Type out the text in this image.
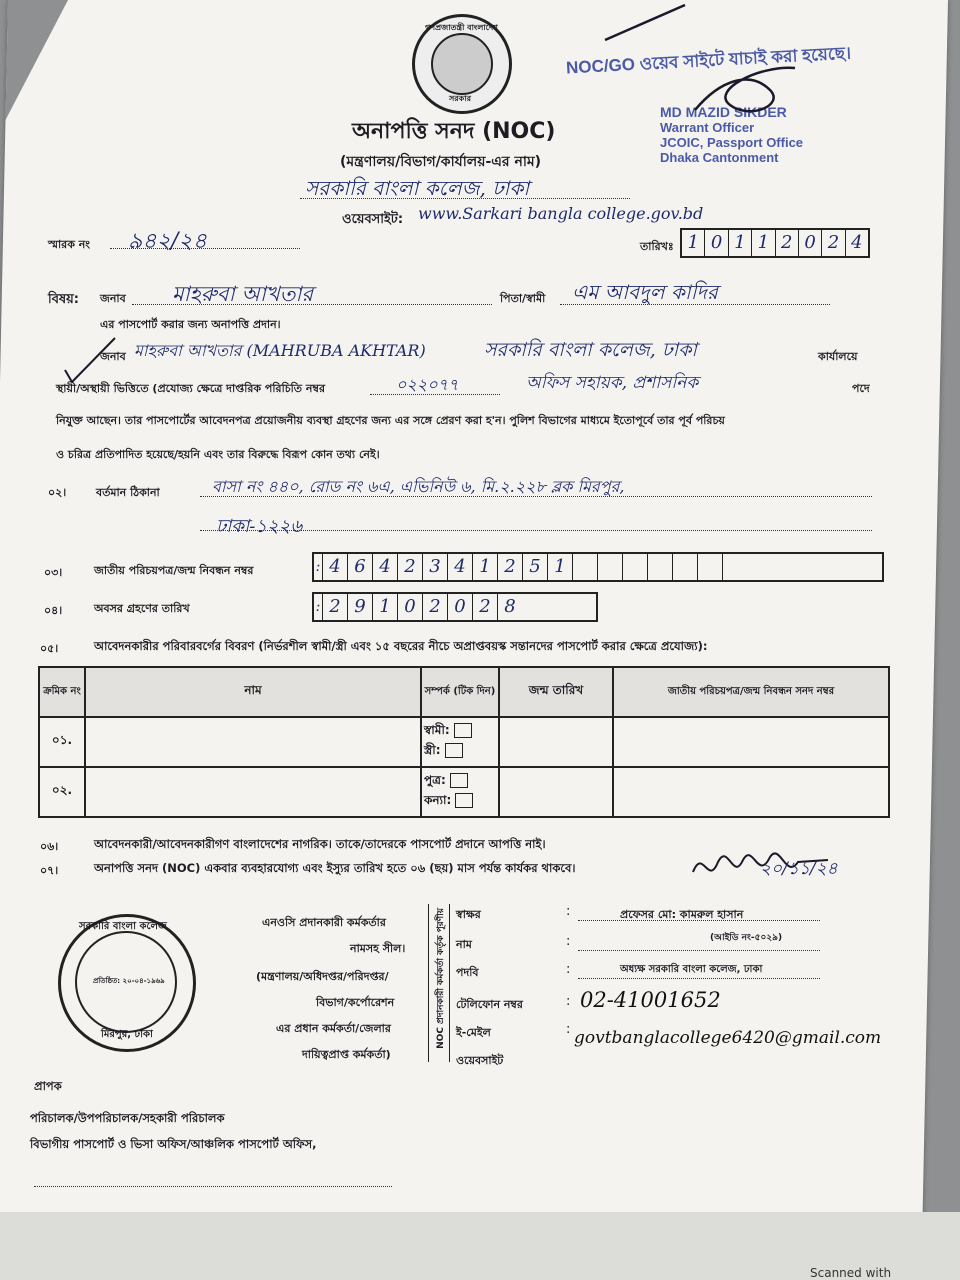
গণপ্রজাতন্ত্রী বাংলাদেশ
সরকার
NOC/GO ওয়েব সাইটে যাচাই করা হয়েছে।
MD MAZID SIKDER
Warrant Officer
JCOIC, Passport Office
Dhaka Cantonment
অনাপত্তি সনদ (NOC)
(মন্ত্রণালয়/বিভাগ/কার্যালয়-এর নাম)
সরকারি বাংলা কলেজ, ঢাকা
ওয়েবসাইট: www.Sarkari bangla college.gov.bd
স্মারক নং ৯৪২/২৪	তারিখঃ 1 0 1 1 2 0 2 4
বিষয়: জনাব মাহরুবা আখতার	পিতা/স্বামী এম আবদুল কাদির
এর পাসপোর্ট করার জন্য অনাপত্তি প্রদান।
জনাব মাহরুবা আখতার (MAHRUBA AKHTAR)	সরকারি বাংলা কলেজ, ঢাকা	কার্যালয়ে
স্থায়ী/অস্থায়ী ভিত্তিতে (প্রযোজ্য ক্ষেত্রে দাপ্তরিক পরিচিতি নম্বর	০২২০৭৭	অফিস সহায়ক, প্রশাসনিক	পদে
নিযুক্ত আছেন। তার পাসপোর্টের আবেদনপত্র প্রয়োজনীয় ব্যবস্থা গ্রহণের জন্য এর সঙ্গে প্রেরণ করা হ'ন। পুলিশ বিভাগের মাধ্যমে ইতোপূর্বে তার পূর্ব পরিচয়
ও চরিত্র প্রতিপাদিত হয়েছে/হয়নি এবং তার বিরুদ্ধে বিরূপ কোন তথ্য নেই।
০২।	বর্তমান ঠিকানা	বাসা নং ৪৪০, রোড নং ৬এ, এভিনিউ ৬, মি.২.২২৮ ব্লক মিরপুর,
ঢাকা-১২২৬
০৩।	জাতীয় পরিচয়পত্র/জন্ম নিবন্ধন নম্বর	: 4 6 4 2 3 4 1 2 5 1
০৪।	অবসর গ্রহণের তারিখ	: 2 9 1 0 2 0 2 8
০৫।	আবেদনকারীর পরিবারবর্গের বিবরণ (নির্ভরশীল স্বামী/স্ত্রী এবং ১৫ বছরের নীচে অপ্রাপ্তবয়স্ক সন্তানদের পাসপোর্ট করার ক্ষেত্রে প্রযোজ্য):
ক্রমিক নং	নাম	সম্পর্ক (টিক দিন)	জন্ম তারিখ	জাতীয় পরিচয়পত্র/জন্ম নিবন্ধন সনদ নম্বর
০১.		স্বামী:
স্ত্রী:		

০২.		পুত্র:
কন্যা:		

০৬।	আবেদনকারী/আবেদনকারীগণ বাংলাদেশের নাগরিক। তাকে/তাদেরকে পাসপোর্ট প্রদানে আপত্তি নাই।
০৭।	অনাপত্তি সনদ (NOC) একবার ব্যবহারযোগ্য এবং ইস্যুর তারিখ হতে ০৬ (ছয়) মাস পর্যন্ত কার্যকর থাকবে।	২০/১১/২৪
এনওসি প্রদানকারী কর্মকর্তার
নামসহ সীল।
(মন্ত্রণালয়/অধিদপ্তর/পরিদপ্তর/
বিভাগ/কর্পোরেশন
এর প্রধান কর্মকর্তা/জেলার
দায়িত্বপ্রাপ্ত কর্মকর্তা)
NOC প্রদানকারী কর্মকর্তা কর্তৃক পূরণীয় স্বাক্ষর	:	প্রফেসর মো: কামরুল হাসান
নাম	:	(আইডি নং-৫০২৯)
পদবি	:	অধ্যক্ষ সরকারি বাংলা কলেজ, ঢাকা
টেলিফোন নম্বর	: 02-41001652
ই-মেইল	: govtbanglacollege6420@gmail.com
ওয়েবসাইট
প্রতিষ্ঠিত: ২০-০৪-১৯৬৯
সরকারি বাংলা কলেজ
মিরপুর, ঢাকা
প্রাপক
পরিচালক/উপপরিচালক/সহকারী পরিচালক
বিভাগীয় পাসপোর্ট ও ভিসা অফিস/আঞ্চলিক পাসপোর্ট অফিস,
Scanned with
